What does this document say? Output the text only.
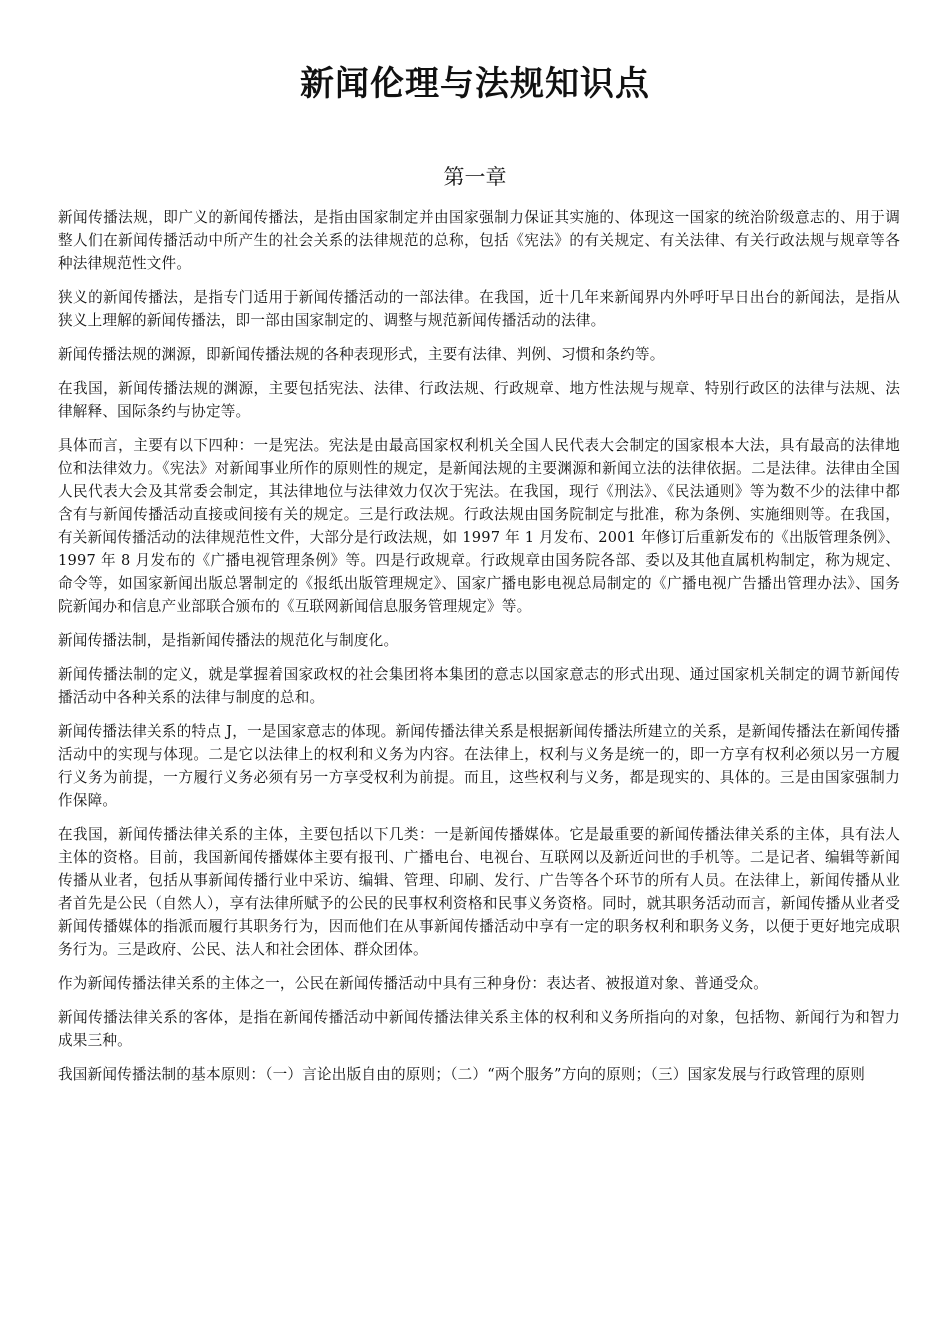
新闻伦理与法规知识点
第一章

新闻传播法规，即广义的新闻传播法，是指由国家制定并由国家强制力保证其实施的、体现这一国家的统治阶级意志的、用于调整人们在新闻传播活动中所产生的社会关系的法律规范的总称，包括《宪法》的有关规定、有关法律、有关行政法规与规章等各种法律规范性文件。

狭义的新闻传播法，是指专门适用于新闻传播活动的一部法律。在我国，近十几年来新闻界内外呼吁早日出台的新闻法，是指从狭义上理解的新闻传播法，即一部由国家制定的、调整与规范新闻传播活动的法律。

新闻传播法规的渊源，即新闻传播法规的各种表现形式，主要有法律、判例、习惯和条约等。

在我国，新闻传播法规的渊源，主要包括宪法、法律、行政法规、行政规章、地方性法规与规章、特别行政区的法律与法规、法律解释、国际条约与协定等。

具体而言，主要有以下四种：一是宪法。宪法是由最高国家权利机关全国人民代表大会制定的国家根本大法，具有最高的法律地位和法律效力。《宪法》对新闻事业所作的原则性的规定，是新闻法规的主要渊源和新闻立法的法律依据。二是法律。法律由全国人民代表大会及其常委会制定，其法律地位与法律效力仅次于宪法。在我国，现行《刑法》、《民法通则》等为数不少的法律中都含有与新闻传播活动直接或间接有关的规定。三是行政法规。行政法规由国务院制定与批准，称为条例、实施细则等。在我国，有关新闻传播活动的法律规范性文件，大部分是行政法规，如 1997 年 1 月发布、2001 年修订后重新发布的《出版管理条例》、1997 年 8 月发布的《广播电视管理条例》等。四是行政规章。行政规章由国务院各部、委以及其他直属机构制定，称为规定、命令等，如国家新闻出版总署制定的《报纸出版管理规定》、国家广播电影电视总局制定的《广播电视广告播出管理办法》、国务院新闻办和信息产业部联合颁布的《互联网新闻信息服务管理规定》等。

新闻传播法制，是指新闻传播法的规范化与制度化。

新闻传播法制的定义，就是掌握着国家政权的社会集团将本集团的意志以国家意志的形式出现、通过国家机关制定的调节新闻传播活动中各种关系的法律与制度的总和。

新闻传播法律关系的特点 J，一是国家意志的体现。新闻传播法律关系是根据新闻传播法所建立的关系，是新闻传播法在新闻传播活动中的实现与体现。二是它以法律上的权利和义务为内容。在法律上，权利与义务是统一的，即一方享有权利必须以另一方履行义务为前提，一方履行义务必须有另一方享受权利为前提。而且，这些权利与义务，都是现实的、具体的。三是由国家强制力作保障。

在我国，新闻传播法律关系的主体，主要包括以下几类：一是新闻传播媒体。它是最重要的新闻传播法律关系的主体，具有法人主体的资格。目前，我国新闻传播媒体主要有报刊、广播电台、电视台、互联网以及新近问世的手机等。二是记者、编辑等新闻传播从业者，包括从事新闻传播行业中采访、编辑、管理、印刷、发行、广告等各个环节的所有人员。在法律上，新闻传播从业者首先是公民（自然人），享有法律所赋予的公民的民事权利资格和民事义务资格。同时，就其职务活动而言，新闻传播从业者受新闻传播媒体的指派而履行其职务行为，因而他们在从事新闻传播活动中享有一定的职务权利和职务义务，以便于更好地完成职务行为。三是政府、公民、法人和社会团体、群众团体。

作为新闻传播法律关系的主体之一，公民在新闻传播活动中具有三种身份：表达者、被报道对象、普通受众。

新闻传播法律关系的客体，是指在新闻传播活动中新闻传播法律关系主体的权利和义务所指向的对象，包括物、新闻行为和智力成果三种。

我国新闻传播法制的基本原则：（一）言论出版自由的原则；（二）“两个服务”方向的原则；（三）国家发展与行政管理的原则
